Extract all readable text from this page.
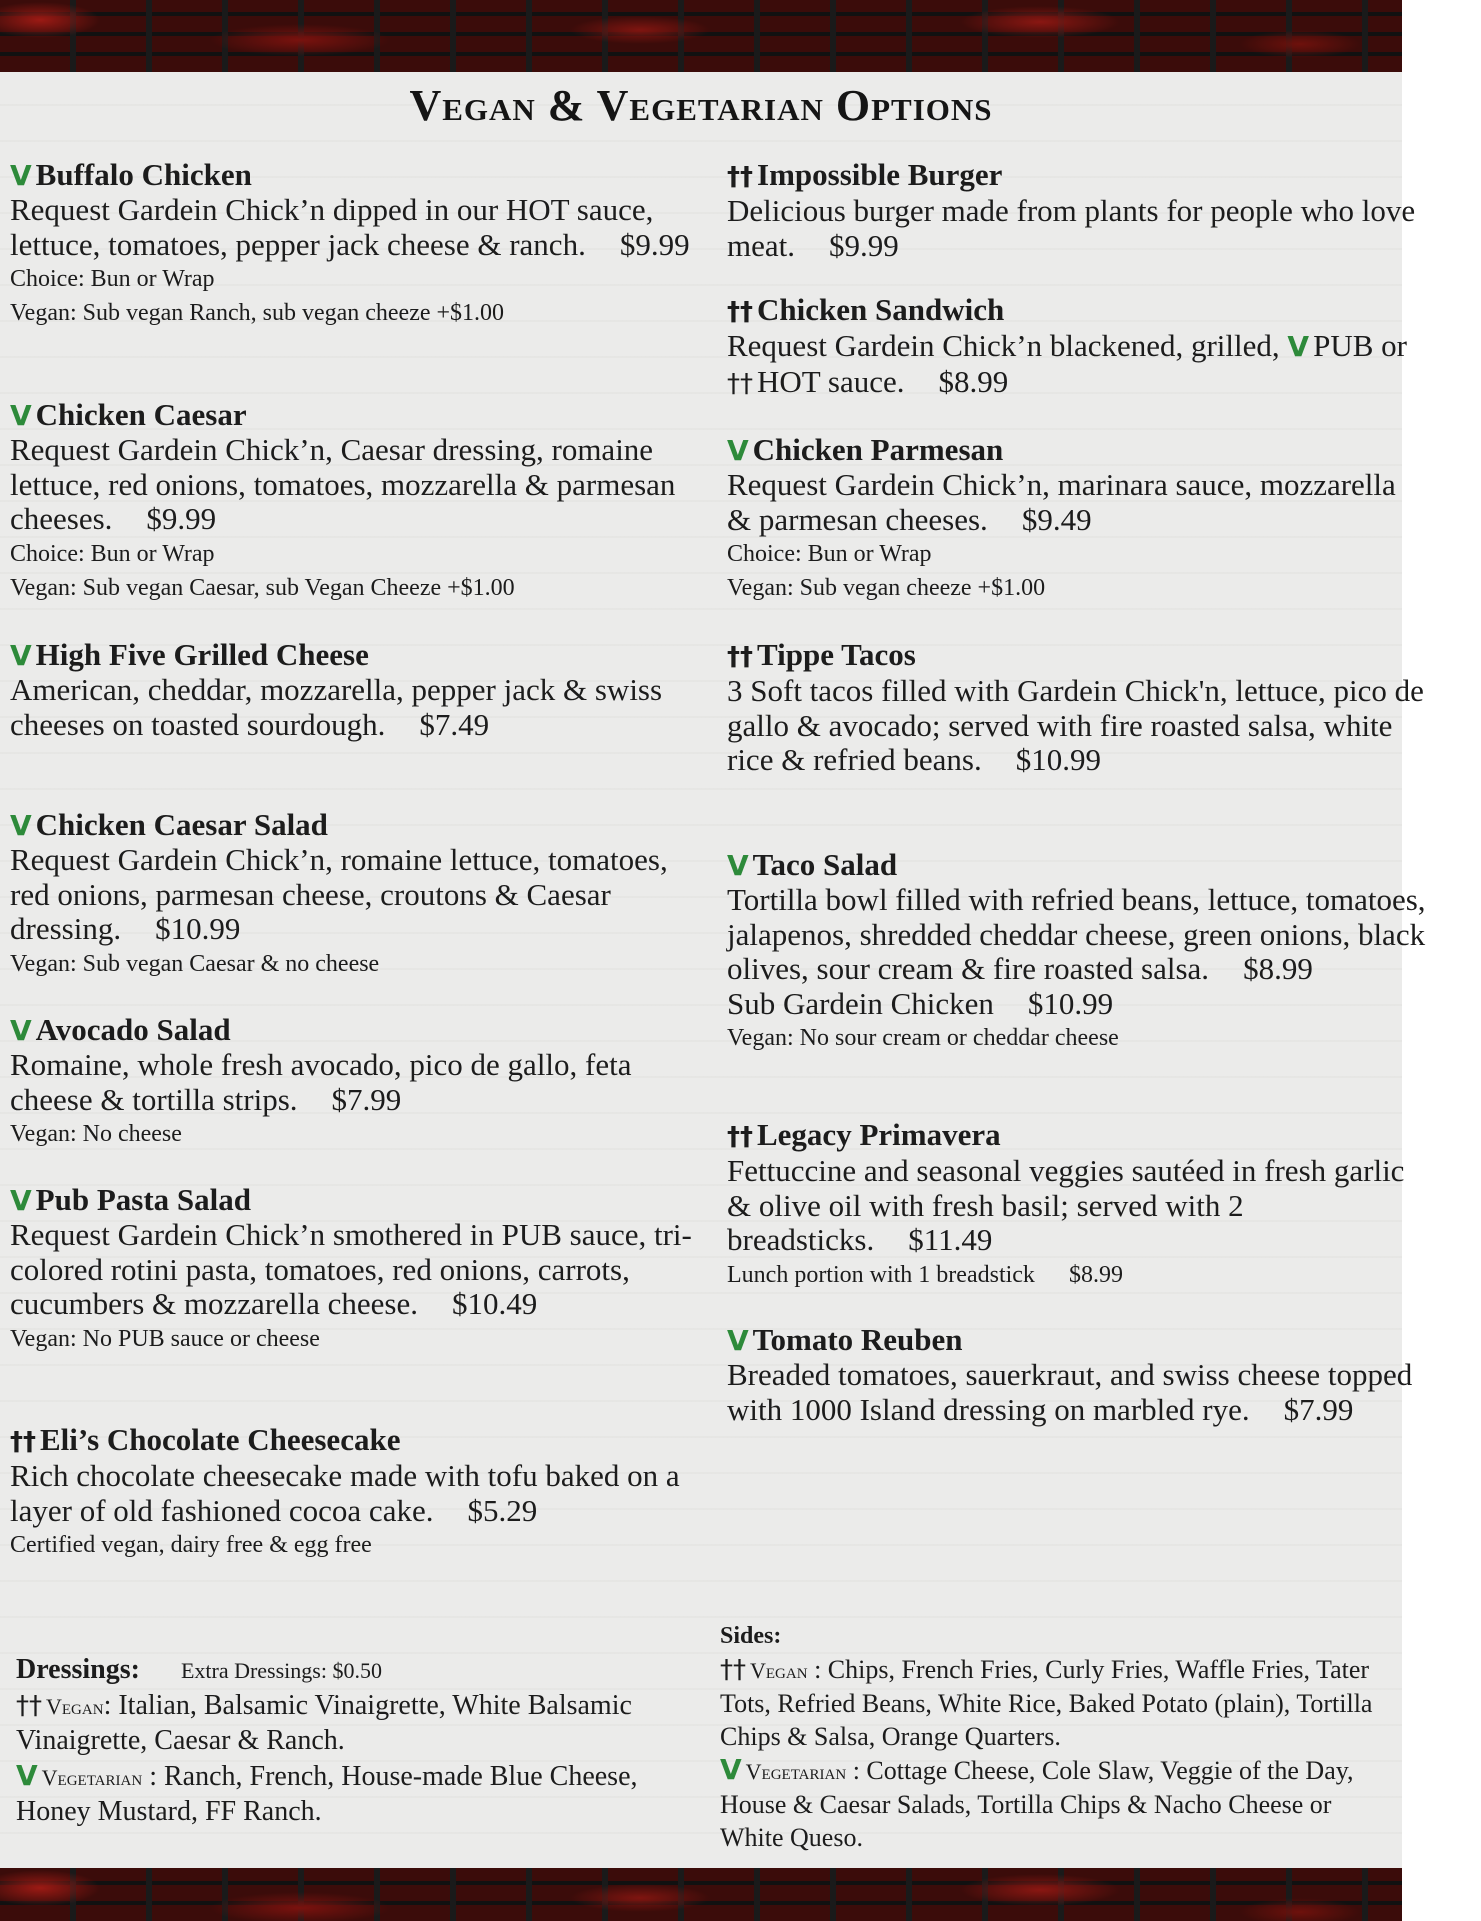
Vegan & Vegetarian Options
V Buffalo Chicken
Request Gardein Chick’n dipped in our HOT sauce, lettuce, tomatoes, pepper jack cheese & ranch. $9.99
Choice: Bun or Wrap
Vegan: Sub vegan Ranch, sub vegan cheeze +$1.00
V Chicken Caesar
Request Gardein Chick’n, Caesar dressing, romaine lettuce, red onions, tomatoes, mozzarella & parmesan cheeses. $9.99
Choice: Bun or Wrap
Vegan: Sub vegan Caesar, sub Vegan Cheeze +$1.00
V High Five Grilled Cheese
American, cheddar, mozzarella, pepper jack & swiss cheeses on toasted sourdough. $7.49
V Chicken Caesar Salad
Request Gardein Chick’n, romaine lettuce, tomatoes, red onions, parmesan cheese, croutons & Caesar dressing. $10.99
Vegan: Sub vegan Caesar & no cheese
V Avocado Salad
Romaine, whole fresh avocado, pico de gallo, feta cheese & tortilla strips. $7.99
Vegan: No cheese
V Pub Pasta Salad
Request Gardein Chick’n smothered in PUB sauce, tri-colored rotini pasta, tomatoes, red onions, carrots, cucumbers & mozzarella cheese. $10.49
Vegan: No PUB sauce or cheese
†† Eli’s Chocolate Cheesecake
Rich chocolate cheesecake made with tofu baked on a layer of old fashioned cocoa cake. $5.29
Certified vegan, dairy free & egg free
†† Impossible Burger
Delicious burger made from plants for people who love meat. $9.99
†† Chicken Sandwich
Request Gardein Chick’n blackened, grilled, V PUB or †† HOT sauce. $8.99
V Chicken Parmesan
Request Gardein Chick’n, marinara sauce, mozzarella & parmesan cheeses. $9.49
Choice: Bun or Wrap
Vegan: Sub vegan cheeze +$1.00
†† Tippe Tacos
3 Soft tacos filled with Gardein Chick'n, lettuce, pico de gallo & avocado; served with fire roasted salsa, white rice & refried beans. $10.99
V Taco Salad
Tortilla bowl filled with refried beans, lettuce, tomatoes, jalapenos, shredded cheddar cheese, green onions, black olives, sour cream & fire roasted salsa. $8.99
Sub Gardein Chicken $10.99
Vegan: No sour cream or cheddar cheese
†† Legacy Primavera
Fettuccine and seasonal veggies sautéed in fresh garlic & olive oil with fresh basil; served with 2 breadsticks. $11.49
Lunch portion with 1 breadstick $8.99
V Tomato Reuben
Breaded tomatoes, sauerkraut, and swiss cheese topped with 1000 Island dressing on marbled rye. $7.99
Dressings: Extra Dressings: $0.50
†† Vegan: Italian, Balsamic Vinaigrette, White Balsamic Vinaigrette, Caesar & Ranch.
V Vegetarian : Ranch, French, House-made Blue Cheese, Honey Mustard, FF Ranch.
Sides:
†† Vegan : Chips, French Fries, Curly Fries, Waffle Fries, Tater Tots, Refried Beans, White Rice, Baked Potato (plain), Tortilla Chips & Salsa, Orange Quarters.
V Vegetarian : Cottage Cheese, Cole Slaw, Veggie of the Day, House & Caesar Salads, Tortilla Chips & Nacho Cheese or White Queso.
